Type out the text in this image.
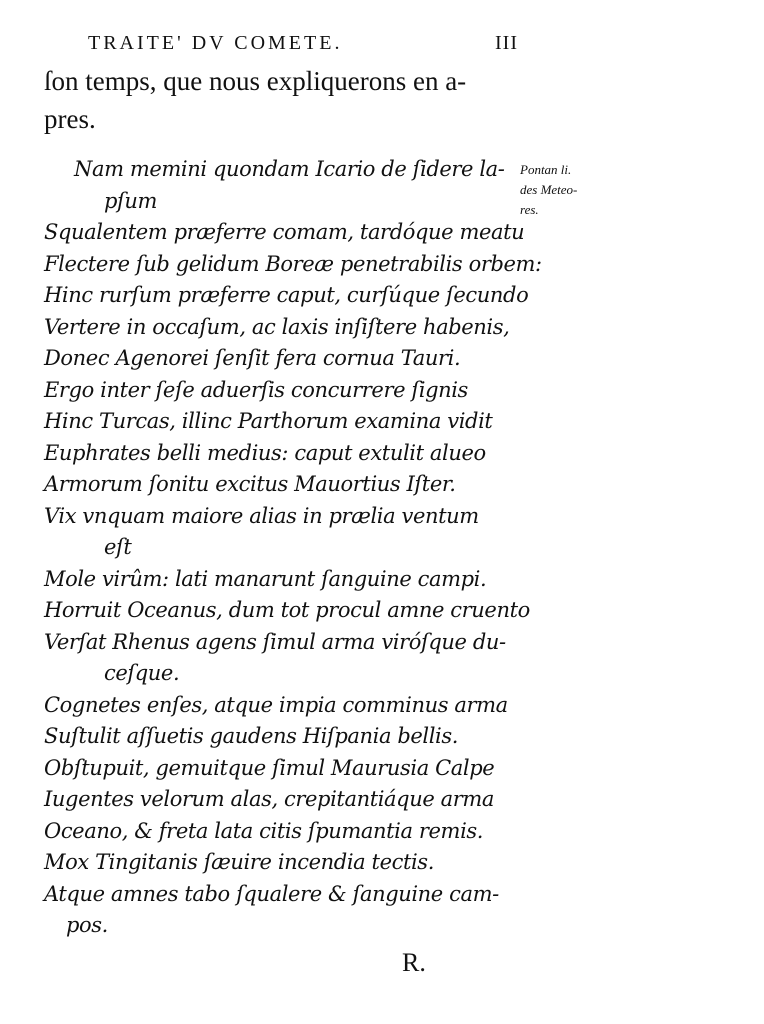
TRAITE' DV COMETE.	III
ſon temps, que nous expliquerons en a-
pres.
Nam memini quondam Icario de ſidere la-
pſum
Squalentem præferre comam, tardóque meatu
Flectere ſub gelidum Boreæ penetrabilis orbem:
Hinc rurſum præferre caput, curſúque ſecundo
Vertere in occaſum, ac laxis inſiſtere habenis,
Donec Agenorei ſenſit fera cornua Tauri.
Ergo inter ſeſe aduerſis concurrere ſignis
Hinc Turcas, illinc Parthorum examina vidit
Euphrates belli medius: caput extulit alueo
Armorum ſonitu excitus Mauortius Iſter.
Vix vnquam maiore alias in prælia ventum
eſt
Mole virûm: lati manarunt ſanguine campi.
Horruit Oceanus, dum tot procul amne cruento
Verſat Rhenus agens ſimul arma viróſque du-
ceſque.
Cognetes enſes, atque impia comminus arma
Suſtulit aſſuetis gaudens Hiſpania bellis.
Obſtupuit, gemuitque ſimul Maurusia Calpe
Iugentes velorum alas, crepitantiáque arma
Oceano, & freta lata citis ſpumantia remis.
Mox Tingitanis ſæuire incendia tectis.
Atque amnes tabo ſqualere & ſanguine cam-
pos.
Pontan li.
des Meteo-
res.
R.
